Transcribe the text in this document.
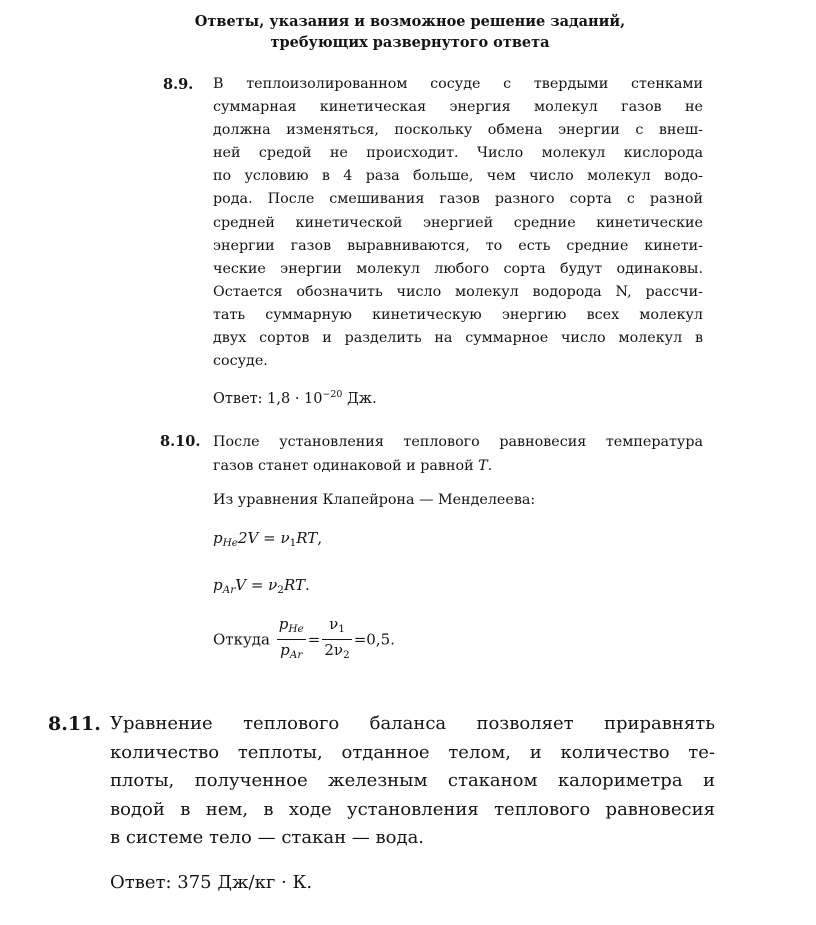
Ответы, указания и возможное решение заданий,
требующих развернутого ответа
8.9. В теплоизолированном сосуде с твердыми стенками
суммарная кинетическая энергия молекул газов не
должна изменяться, поскольку обмена энергии с внеш-
ней средой не происходит. Число молекул кислорода
по условию в 4 раза больше, чем число молекул водо-
рода. После смешивания газов разного сорта с разной
средней кинетической энергией средние кинетические
энергии газов выравниваются, то есть средние кинети-
ческие энергии молекул любого сорта будут одинаковы.
Остается обозначить число молекул водорода N, рассчи-
тать суммарную кинетическую энергию всех молекул
двух сортов и разделить на суммарное число молекул в
сосуде.

Ответ: $1,8 \cdot 10^{-20}$ Дж.
8.10. После установления теплового равновесия температура
газов станет одинаковой и равной T.
Из уравнения Клапейрона — Менделеева:
$p_{He}2V = \nu_1RT$,
$p_{Ar}V = \nu_2RT$.
Откуда $\frac{p_{He}}{p_{Ar}} = \frac{\nu_1}{2\nu_2} =0,5$.
8.11. Уравнение теплового баланса позволяет приравнять
количество теплоты, отданное телом, и количество те-
плоты, полученное железным стаканом калориметра и
водой в нем, в ходе установления теплового равновесия
в системе тело — стакан — вода.

Ответ: 375 Дж/кг · К.
